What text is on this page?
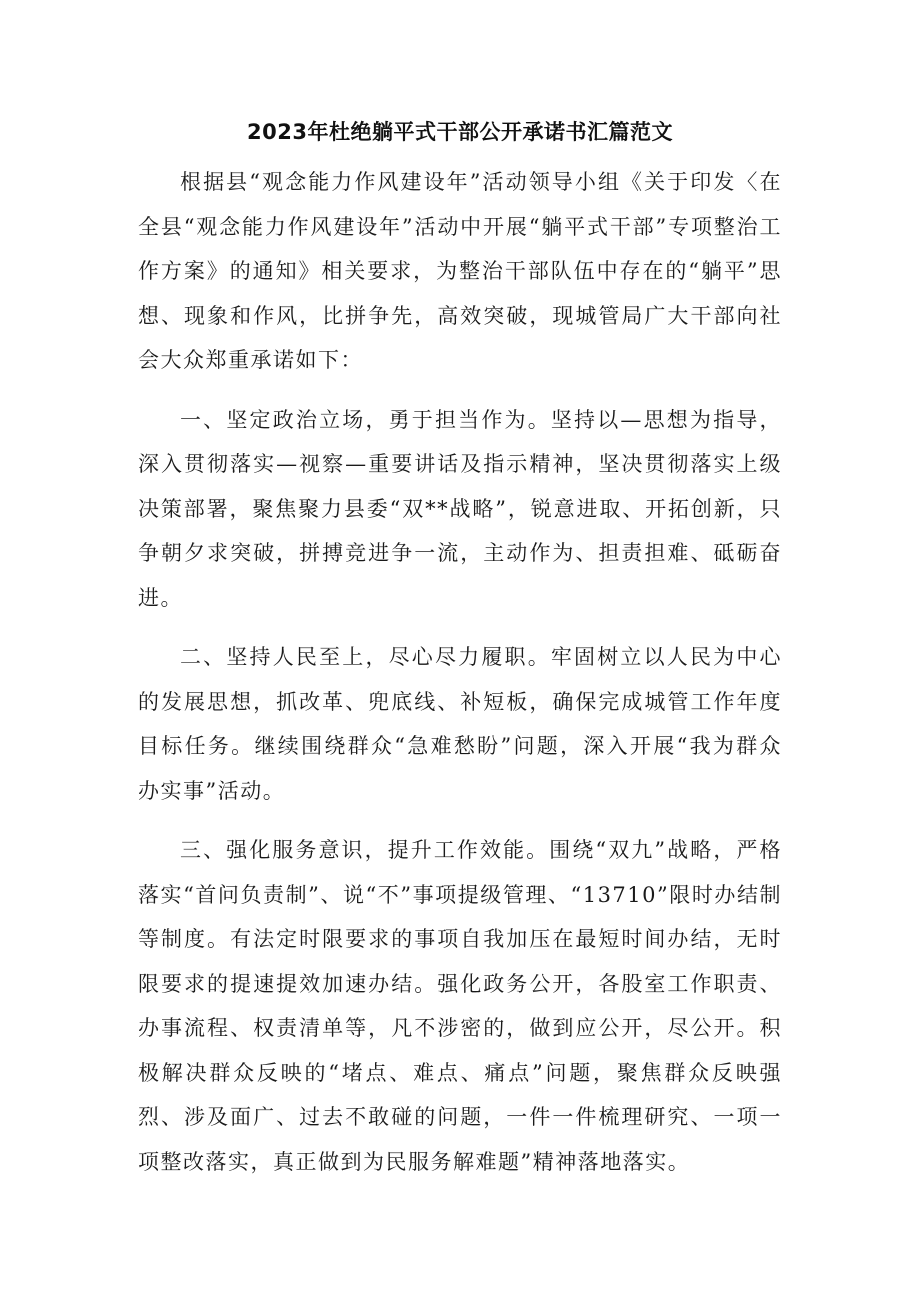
2023年杜绝躺平式干部公开承诺书汇篇范文

根据县“观念能力作风建设年”活动领导小组《关于印发〈在全县“观念能力作风建设年”活动中开展“躺平式干部”专项整治工作方案》的通知》相关要求，为整治干部队伍中存在的“躺平”思想、现象和作风，比拼争先，高效突破，现城管局广大干部向社会大众郑重承诺如下：

一、坚定政治立场，勇于担当作为。坚持以—思想为指导，深入贯彻落实—视察—重要讲话及指示精神，坚决贯彻落实上级决策部署，聚焦聚力县委“双**战略”，锐意进取、开拓创新，只争朝夕求突破，拼搏竞进争一流，主动作为、担责担难、砥砺奋进。

二、坚持人民至上，尽心尽力履职。牢固树立以人民为中心的发展思想，抓改革、兜底线、补短板，确保完成城管工作年度目标任务。继续围绕群众“急难愁盼”问题，深入开展“我为群众办实事”活动。

三、强化服务意识，提升工作效能。围绕“双九”战略，严格落实“首问负责制”、说“不”事项提级管理、“13710”限时办结制等制度。有法定时限要求的事项自我加压在最短时间办结，无时限要求的提速提效加速办结。强化政务公开，各股室工作职责、办事流程、权责清单等，凡不涉密的，做到应公开，尽公开。积极解决群众反映的“堵点、难点、痛点”问题，聚焦群众反映强烈、涉及面广、过去不敢碰的问题，一件一件梳理研究、一项一项整改落实，真正做到为民服务解难题”精神落地落实。
